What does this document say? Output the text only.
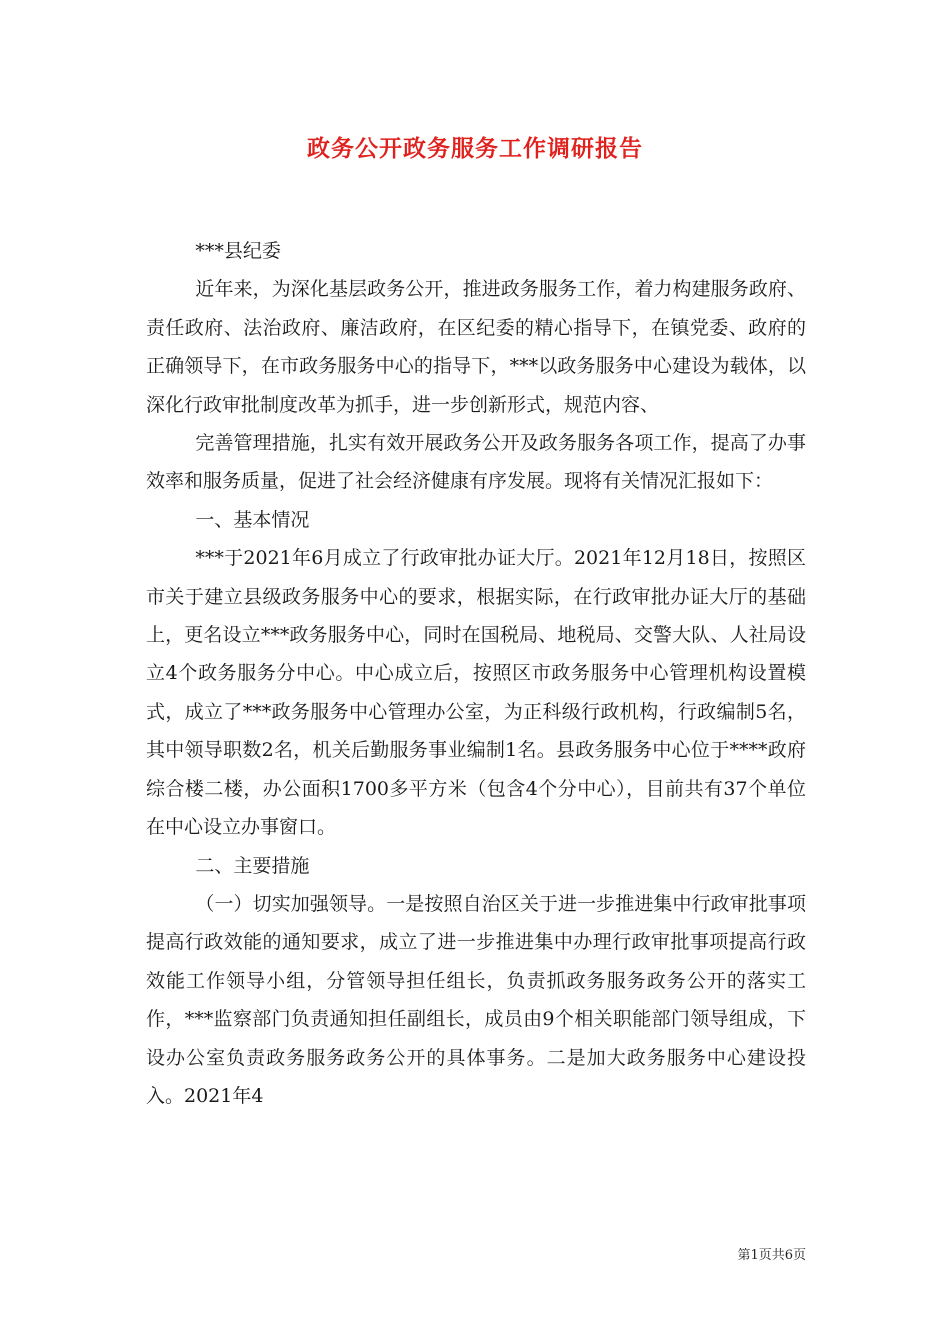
政务公开政务服务工作调研报告

***县纪委

近年来，为深化基层政务公开，推进政务服务工作，着力构建服务政府、责任政府、法治政府、廉洁政府，在区纪委的精心指导下，在镇党委、政府的正确领导下，在市政务服务中心的指导下，***以政务服务中心建设为载体，以深化行政审批制度改革为抓手，进一步创新形式，规范内容、

完善管理措施，扎实有效开展政务公开及政务服务各项工作，提高了办事效率和服务质量，促进了社会经济健康有序发展。现将有关情况汇报如下：

一、基本情况

***于2021年6月成立了行政审批办证大厅。2021年12月18日，按照区市关于建立县级政务服务中心的要求，根据实际，在行政审批办证大厅的基础上，更名设立***政务服务中心，同时在国税局、地税局、交警大队、人社局设立4个政务服务分中心。中心成立后，按照区市政务服务中心管理机构设置模式，成立了***政务服务中心管理办公室，为正科级行政机构，行政编制5名，其中领导职数2名，机关后勤服务事业编制1名。县政务服务中心位于****政府综合楼二楼，办公面积1700多平方米（包含4个分中心），目前共有37个单位在中心设立办事窗口。

二、主要措施

（一）切实加强领导。一是按照自治区关于进一步推进集中行政审批事项提高行政效能的通知要求，成立了进一步推进集中办理行政审批事项提高行政效能工作领导小组，分管领导担任组长，负责抓政务服务政务公开的落实工作，***监察部门负责通知担任副组长，成员由9个相关职能部门领导组成，下设办公室负责政务服务政务公开的具体事务。二是加大政务服务中心建设投入。2021年4

第1页共6页
